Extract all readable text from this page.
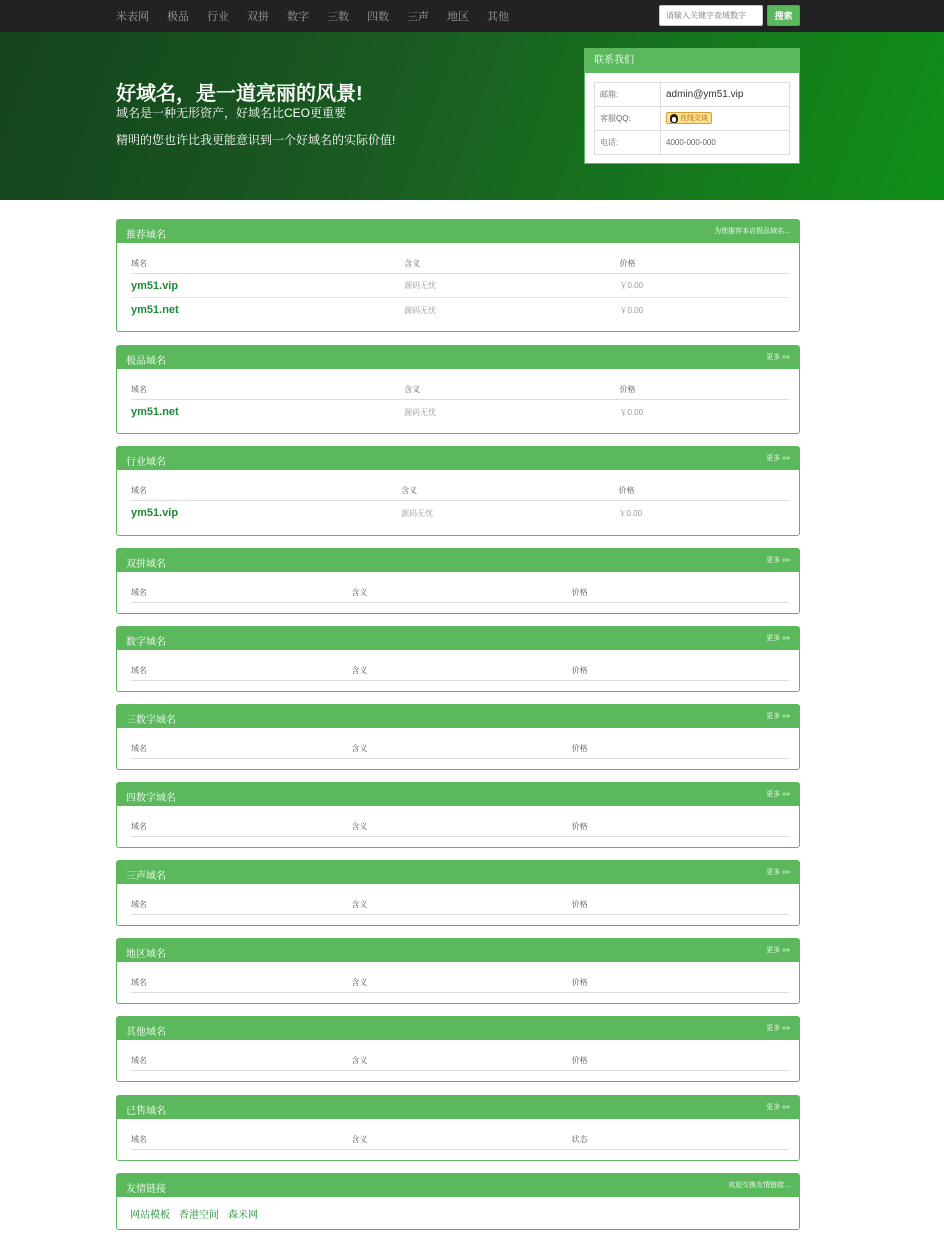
米表网 极品 行业 双拼 数字 三数 四数 三声 地区 其他
请输入关键字查域数字	搜索
好域名，是一道亮丽的风景!
域名是一种无形资产，好域名比CEO更重要
精明的您也许比我更能意识到一个好域名的实际价值!
联系我们
邮箱:	admin@ym51.vip
客服QQ:	在线交谈

电话:	4000-000-000
推荐域名	为您推荐本店极品域名...
域名	含义	价格
ym51.vip	源码无忧	￥0.00
ym51.net	源码无忧	￥0.00
极品域名	更多 »»
域名	含义	价格
ym51.net	源码无忧	￥0.00
行业域名	更多 »»
域名	含义	价格
ym51.vip	源码无忧	￥0.00
双拼域名	更多 »»
域名	含义	价格
数字域名	更多 »»
域名	含义	价格
三数字域名	更多 »»
域名	含义	价格
四数字域名	更多 »»
域名	含义	价格
三声域名	更多 »»
域名	含义	价格
地区域名	更多 »»
域名	含义	价格
其他域名	更多 »»
域名	含义	价格
已售域名	更多 »»
域名	含义	状态
友情链接	欢迎交换友情链接...
网站模板 香港空间 森米网
